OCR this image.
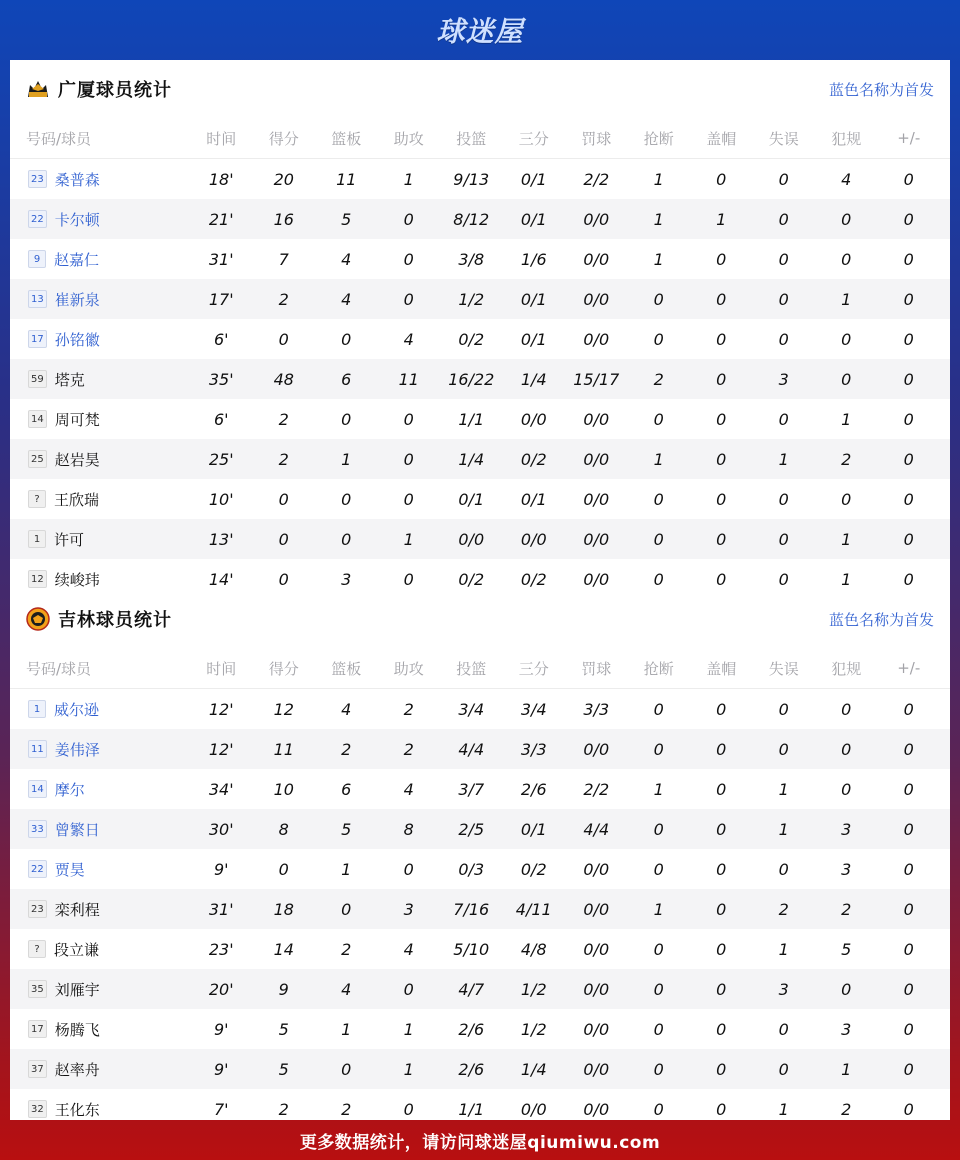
球迷屋
广厦球员统计	蓝色名称为首发
号码/球员	时间	得分	篮板	助攻	投篮	三分	罚球	抢断	盖帽	失误	犯规	+/-
23 桑普森	18'	20	11	1	9/13	0/1	2/2	1	0	0	4	0
22 卡尔顿	21'	16	5	0	8/12	0/1	0/0	1	1	0	0	0
9 赵嘉仁	31'	7	4	0	3/8	1/6	0/0	1	0	0	0	0
13 崔新泉	17'	2	4	0	1/2	0/1	0/0	0	0	0	1	0
17 孙铭徽	6'	0	0	4	0/2	0/1	0/0	0	0	0	0	0
59 塔克	35'	48	6	11	16/22	1/4	15/17	2	0	3	0	0
14 周可梵	6'	2	0	0	1/1	0/0	0/0	0	0	0	1	0
25 赵岩昊	25'	2	1	0	1/4	0/2	0/0	1	0	1	2	0
? 王欣瑞	10'	0	0	0	0/1	0/1	0/0	0	0	0	0	0
1 许可	13'	0	0	1	0/0	0/0	0/0	0	0	0	1	0
12 续峻玮	14'	0	3	0	0/2	0/2	0/0	0	0	0	1	0
吉林球员统计	蓝色名称为首发
号码/球员	时间	得分	篮板	助攻	投篮	三分	罚球	抢断	盖帽	失误	犯规	+/-
1 威尔逊	12'	12	4	2	3/4	3/4	3/3	0	0	0	0	0
11 姜伟泽	12'	11	2	2	4/4	3/3	0/0	0	0	0	0	0
14 摩尔	34'	10	6	4	3/7	2/6	2/2	1	0	1	0	0
33 曾繁日	30'	8	5	8	2/5	0/1	4/4	0	0	1	3	0
22 贾昊	9'	0	1	0	0/3	0/2	0/0	0	0	0	3	0
23 栾利程	31'	18	0	3	7/16	4/11	0/0	1	0	2	2	0
? 段立谦	23'	14	2	4	5/10	4/8	0/0	0	0	1	5	0
35 刘雁宇	20'	9	4	0	4/7	1/2	0/0	0	0	3	0	0
17 杨腾飞	9'	5	1	1	2/6	1/2	0/0	0	0	0	3	0
37 赵率舟	9'	5	0	1	2/6	1/4	0/0	0	0	0	1	0
32 王化东	7'	2	2	0	1/1	0/0	0/0	0	0	1	2	0
更多数据统计，请访问球迷屋qiumiwu.com
